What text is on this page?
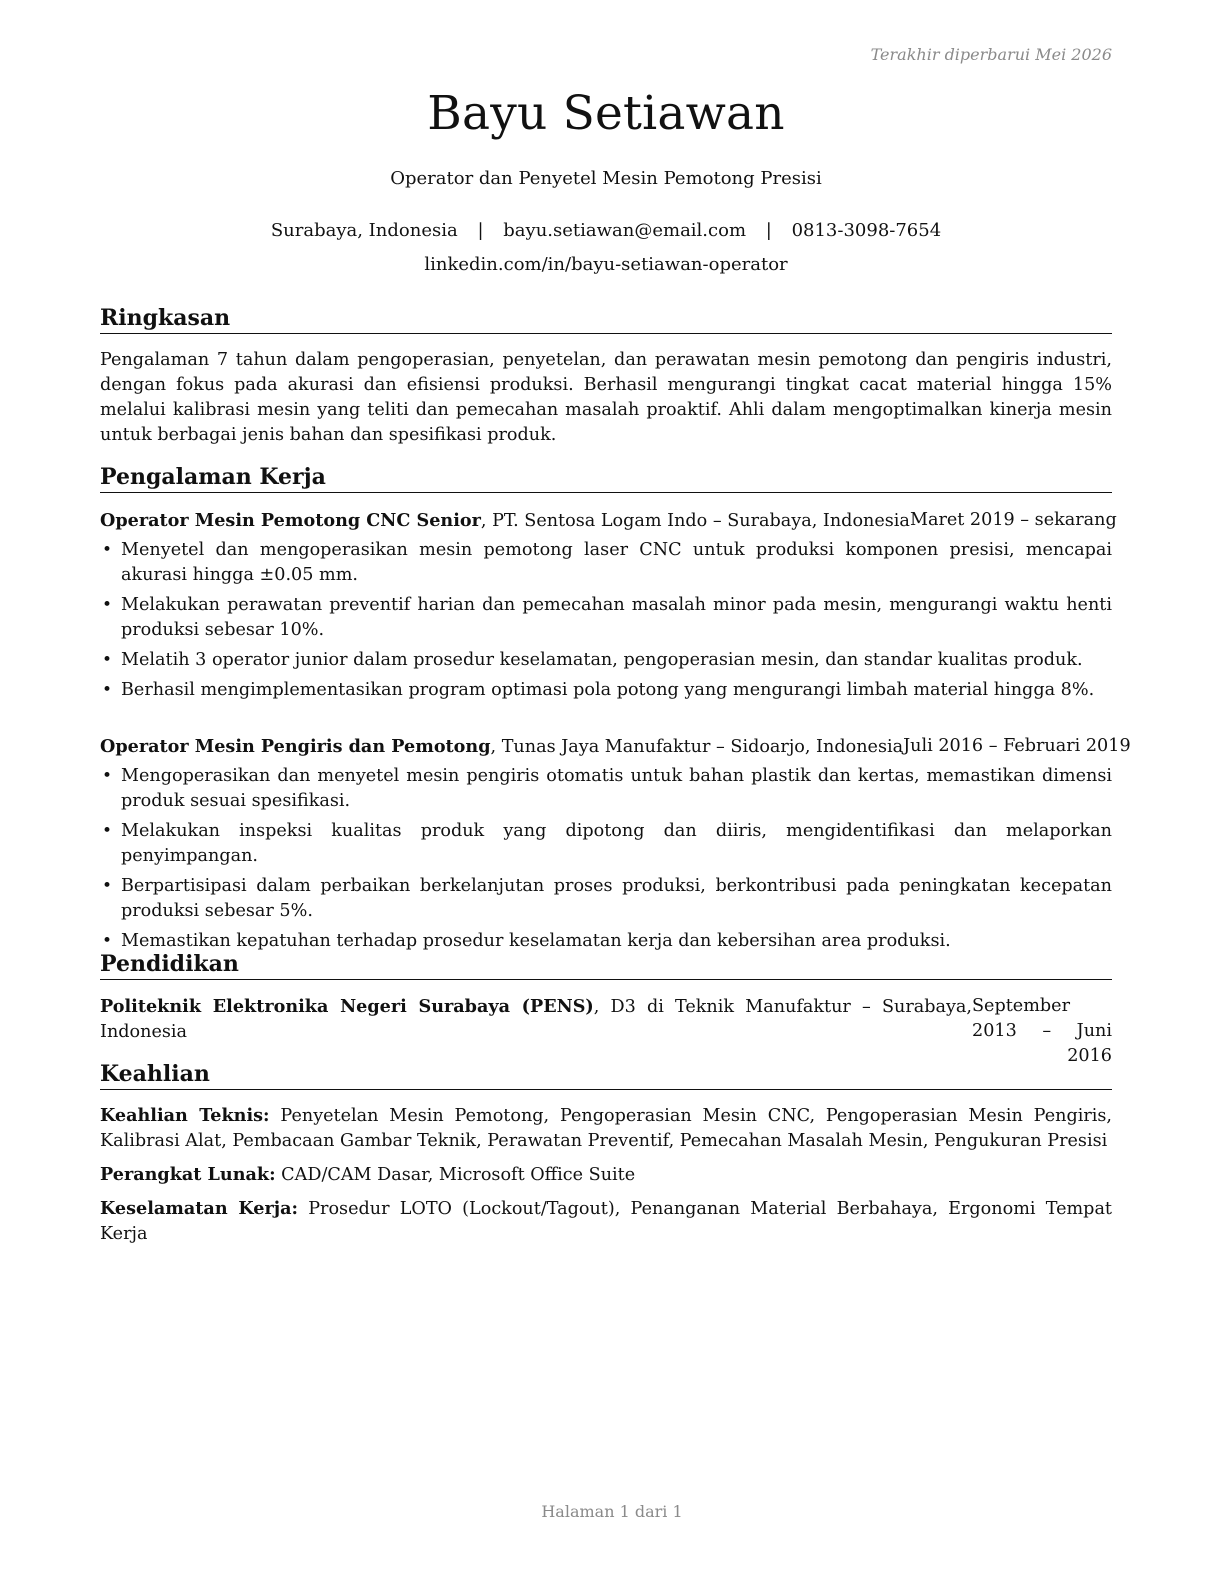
Terakhir diperbarui Mei 2026
Bayu Setiawan
Operator dan Penyetel Mesin Pemotong Presisi
Surabaya, Indonesia | bayu.setiawan@email.com | 0813-3098-7654
linkedin.com/in/bayu-setiawan-operator
Ringkasan
Pengalaman 7 tahun dalam pengoperasian, penyetelan, dan perawatan mesin pemotong dan pengiris industri, dengan fokus pada akurasi dan efisiensi produksi. Berhasil mengurangi tingkat cacat material hingga 15% melalui kalibrasi mesin yang teliti dan pemecahan masalah proaktif. Ahli dalam mengoptimalkan kinerja mesin untuk berbagai jenis bahan dan spesifikasi produk.
Pengalaman Kerja
Operator Mesin Pemotong CNC Senior, PT. Sentosa Logam Indo – Surabaya, Indonesia Maret 2019 – sekarang
• Menyetel dan mengoperasikan mesin pemotong laser CNC untuk produksi komponen presisi, mencapai akurasi hingga ±0.05 mm.
• Melakukan perawatan preventif harian dan pemecahan masalah minor pada mesin, mengurangi waktu henti produksi sebesar 10%.
• Melatih 3 operator junior dalam prosedur keselamatan, pengoperasian mesin, dan standar kualitas produk.
• Berhasil mengimplementasikan program optimasi pola potong yang mengurangi limbah material hingga 8%.
Operator Mesin Pengiris dan Pemotong, Tunas Jaya Manufaktur – Sidoarjo, Indonesia Juli 2016 – Februari 2019
• Mengoperasikan dan menyetel mesin pengiris otomatis untuk bahan plastik dan kertas, memastikan dimensi produk sesuai spesifikasi.
• Melakukan inspeksi kualitas produk yang dipotong dan diiris, mengidentifikasi dan melaporkan penyimpangan.
• Berpartisipasi dalam perbaikan berkelanjutan proses produksi, berkontribusi pada peningkatan kecepatan produksi sebesar 5%.
• Memastikan kepatuhan terhadap prosedur keselamatan kerja dan kebersihan area produksi.
Pendidikan
Politeknik Elektronika Negeri Surabaya (PENS), D3 di Teknik Manufaktur – Surabaya, Indonesia
September 2013 – Juni 2016
Keahlian
Keahlian Teknis: Penyetelan Mesin Pemotong, Pengoperasian Mesin CNC, Pengoperasian Mesin Pengiris, Kalibrasi Alat, Pembacaan Gambar Teknik, Perawatan Preventif, Pemecahan Masalah Mesin, Pengukuran Presisi
Perangkat Lunak: CAD/CAM Dasar, Microsoft Office Suite
Keselamatan Kerja: Prosedur LOTO (Lockout/Tagout), Penanganan Material Berbahaya, Ergonomi Tempat Kerja
Halaman 1 dari 1
